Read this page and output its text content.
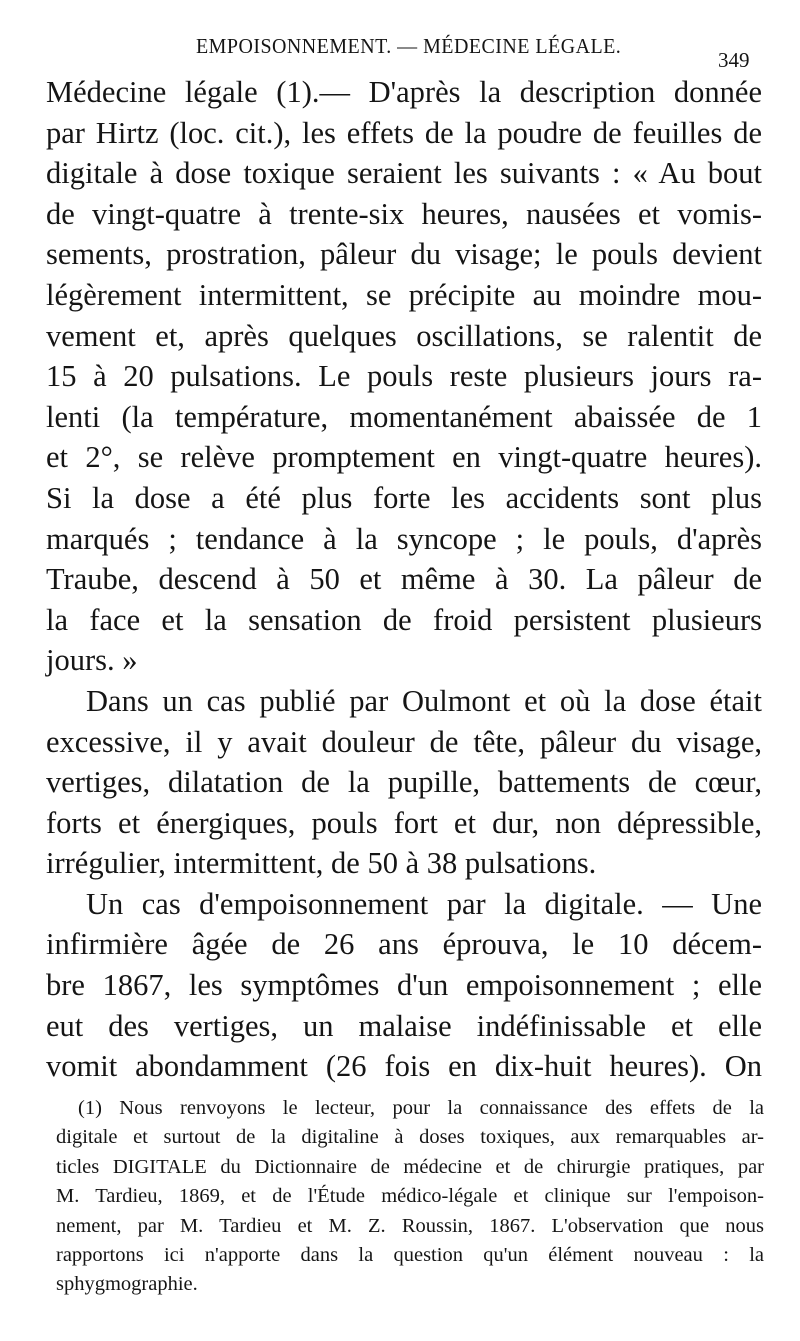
EMPOISONNEMENT. — MÉDECINE LÉGALE.
349
Médecine légale (1).— D'après la description donnée
par Hirtz (loc. cit.), les effets de la poudre de feuilles de
digitale à dose toxique seraient les suivants : « Au bout
de vingt-quatre à trente-six heures, nausées et vomis-
sements, prostration, pâleur du visage; le pouls devient
légèrement intermittent, se précipite au moindre mou-
vement et, après quelques oscillations, se ralentit de
15 à 20 pulsations. Le pouls reste plusieurs jours ra-
lenti (la température, momentanément abaissée de 1
et 2°, se relève promptement en vingt-quatre heures).
Si la dose a été plus forte les accidents sont plus
marqués ; tendance à la syncope ; le pouls, d'après
Traube, descend à 50 et même à 30. La pâleur de
la face et la sensation de froid persistent plusieurs
jours. »
Dans un cas publié par Oulmont et où la dose était
excessive, il y avait douleur de tête, pâleur du visage,
vertiges, dilatation de la pupille, battements de cœur,
forts et énergiques, pouls fort et dur, non dépressible,
irrégulier, intermittent, de 50 à 38 pulsations.
Un cas d'empoisonnement par la digitale. — Une
infirmière âgée de 26 ans éprouva, le 10 décem-
bre 1867, les symptômes d'un empoisonnement ; elle
eut des vertiges, un malaise indéfinissable et elle
vomit abondamment (26 fois en dix-huit heures). On
(1) Nous renvoyons le lecteur, pour la connaissance des effets de la
digitale et surtout de la digitaline à doses toxiques, aux remarquables ar-
ticles DIGITALE du Dictionnaire de médecine et de chirurgie pratiques, par
M. Tardieu, 1869, et de l'Étude médico-légale et clinique sur l'empoison-
nement, par M. Tardieu et M. Z. Roussin, 1867. L'observation que nous
rapportons ici n'apporte dans la question qu'un élément nouveau : la
sphygmographie.
